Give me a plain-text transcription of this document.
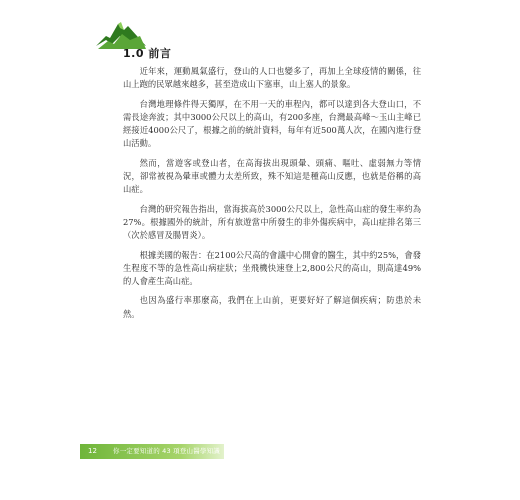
1.0 前言

近年來，運動風氣盛行，登山的人口也變多了，再加上全球疫情的關係，往山上跑的民眾越來越多，甚至造成山下塞車，山上塞人的景象。

台灣地理條件得天獨厚，在不用一天的車程內，都可以達到各大登山口，不需長途奔波；其中3000公尺以上的高山，有200多座，台灣最高峰～玉山主峰已經接近4000公尺了，根據之前的統計資料，每年有近500萬人次，在國內進行登山活動。

然而，當遊客或登山者，在高海拔出現頭暈、頭痛、嘔吐、虛弱無力等情況，卻常被視為暈車或體力太差所致，殊不知這是種高山反應，也就是俗稱的高山症。

台灣的研究報告指出，當海拔高於3000公尺以上，急性高山症的發生率約為27%。根據國外的統計，所有旅遊當中所發生的非外傷疾病中，高山症排名第三（次於感冒及腸胃炎）。

根據美國的報告：在2100公尺高的會議中心開會的醫生，其中約25%，會發生程度不等的急性高山病症狀；坐飛機快速登上2,800公尺的高山，則高達49%的人會產生高山症。

也因為盛行率那麼高，我們在上山前，更要好好了解這個疾病；防患於未然。

12 你一定要知道的 43 項登山醫學知識
